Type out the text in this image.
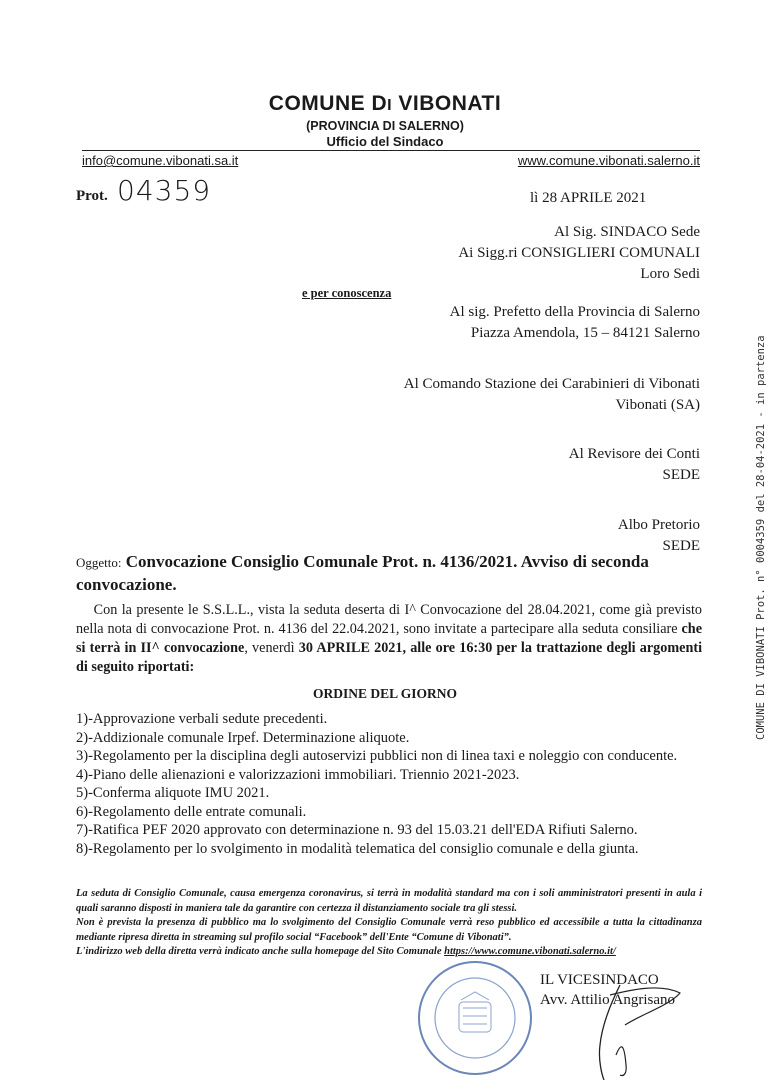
COMUNE DI VIBONATI
(PROVINCIA DI SALERNO)
Ufficio del Sindaco
info@comune.vibonati.sa.it	www.comune.vibonati.salerno.it
Prot. 04359	lì 28 APRILE 2021
Al Sig. SINDACO Sede
Ai Sigg.ri CONSIGLIERI COMUNALI
Loro Sedi
e per conoscenza
Al sig. Prefetto della Provincia di Salerno
Piazza Amendola, 15 – 84121 Salerno
Al Comando Stazione dei Carabinieri di Vibonati
Vibonati (SA)
Al Revisore dei Conti
SEDE
Albo Pretorio
SEDE
Oggetto: Convocazione Consiglio Comunale Prot. n. 4136/2021. Avviso di seconda convocazione.
Con la presente le S.S.L.L., vista la seduta deserta di I^ Convocazione del 28.04.2021, come già previsto nella nota di convocazione Prot. n. 4136 del 22.04.2021, sono invitate a partecipare alla seduta consiliare che si terrà in II^ convocazione, venerdì 30 APRILE 2021, alle ore 16:30 per la trattazione degli argomenti di seguito riportati:
ORDINE DEL GIORNO
1)-Approvazione verbali sedute precedenti.
2)-Addizionale comunale Irpef. Determinazione aliquote.
3)-Regolamento per la disciplina degli autoservizi pubblici non di linea taxi e noleggio con conducente.
4)-Piano delle alienazioni e valorizzazioni immobiliari. Triennio 2021-2023.
5)-Conferma aliquote IMU 2021.
6)-Regolamento delle entrate comunali.
7)-Ratifica PEF 2020 approvato con determinazione n. 93 del 15.03.21 dell'EDA Rifiuti Salerno.
8)-Regolamento per lo svolgimento in modalità telematica del consiglio comunale e della giunta.
La seduta di Consiglio Comunale, causa emergenza coronavirus, si terrà in modalità standard ma con i soli amministratori presenti in aula i quali saranno disposti in maniera tale da garantire con certezza il distanziamento sociale tra gli stessi.
Non è prevista la presenza di pubblico ma lo svolgimento del Consiglio Comunale verrà reso pubblico ed accessibile a tutta la cittadinanza mediante ripresa diretta in streaming sul profilo social “Facebook” dell'Ente “Comune di Vibonati”.
L'indirizzo web della diretta verrà indicato anche sulla homepage del Sito Comunale https://www.comune.vibonati.salerno.it/
IL VICESINDACO
Avv. Attilio Angrisano
COMUNE DI VIBONATI Prot. n° 0004359 del 28-04-2021 - in partenza
